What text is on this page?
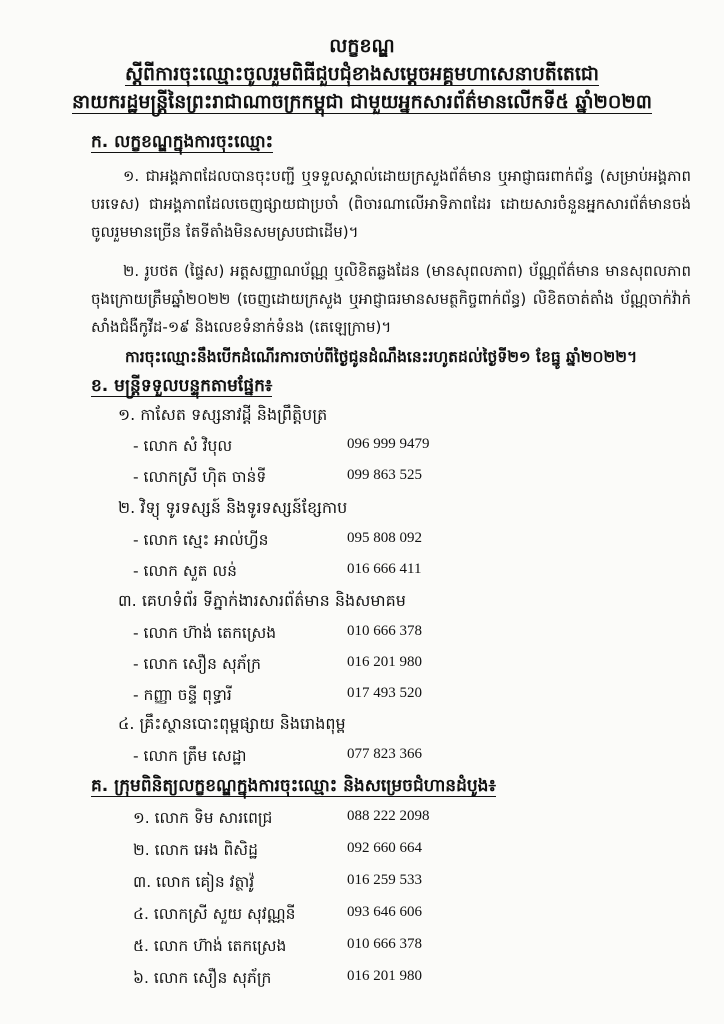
លក្ខខណ្ឌ
ស្តីពីការចុះឈ្មោះចូលរួមពិធីជួបជុំខាងសម្ដេចអគ្គមហាសេនាបតីតេជោ
នាយករដ្ឋមន្ត្រីនៃព្រះរាជាណាចក្រកម្ពុជា ជាមួយអ្នកសារព័ត៌មានលើកទី៥ ឆ្នាំ២០២៣
ក. លក្ខខណ្ឌក្នុងការចុះឈ្មោះ
១. ជាអង្គភាពដែលបានចុះបញ្ជី ឬទទួលស្គាល់ដោយក្រសួងព័ត៌មាន ឬអាជ្ញាធរពាក់ព័ន្ធ (សម្រាប់អង្គភាពបរទេស) ជាអង្គភាពដែលចេញផ្សាយជាប្រចាំ (ពិចារណាលើអាទិភាពដែរ ដោយសារចំនួនអ្នកសារព័ត៌មានចង់ចូលរួមមានច្រើន តែទីតាំងមិនសមស្របជាដើម)។
២. រូបថត (ផ្ទៃស) អត្តសញ្ញាណប័ណ្ណ ឬលិខិតឆ្លងដែន (មានសុពលភាព) ប័ណ្ណព័ត៌មាន មានសុពលភាពចុងក្រោយត្រឹមឆ្នាំ២០២២ (ចេញដោយក្រសួង ឬអាជ្ញាធរមានសមត្ថកិច្ចពាក់ព័ន្ធ) លិខិតចាត់តាំង ប័ណ្ណចាក់វ៉ាក់សាំងជំងឺកូវីដ-១៩ និងលេខទំនាក់ទំនង (តេឡេក្រាម)។
ការចុះឈ្មោះនឹងបើកដំណើរការចាប់ពីថ្ងៃជូនដំណឹងនេះរហូតដល់ថ្ងៃទី២១ ខែធ្នូ ឆ្នាំ២០២២។
ខ. មន្ត្រីទទួលបន្ទុកតាមផ្នែក៖
១. កាសែត ទស្សនាវដ្ដី និងព្រឹត្តិបត្រ
- លោក សំ វិបុល	096 999 9479
- លោកស្រី ហ៊ិត ចាន់ទី	099 863 525
២. វិទ្យុ ទូរទស្សន៍ និងទូរទស្សន៍ខ្សែកាប
- លោក ស្មេះ អាល់ហ្វីន	095 808 092
- លោក សួត លន់	016 666 411
៣. គេហទំព័រ ទីភ្នាក់ងារសារព័ត៌មាន និងសមាគម
- លោក ហ៊ាង់ តេកស្រេង	010 666 378
- លោក សឿន សុភ័ក្រ	016 201 980
- កញ្ញា ចន្ទី ពុទ្ធារី	017 493 520
៤. គ្រឹះស្ថានបោះពុម្ពផ្សាយ និងរោងពុម្ព
- លោក ត្រឹម សេដ្ឋា	077 823 366
គ. ក្រុមពិនិត្យលក្ខខណ្ឌក្នុងការចុះឈ្មោះ និងសម្រេចជំហានដំបូង៖
១. លោក ទិម សារពេជ្រ	088 222 2098
២. លោក អេង ពិសិដ្ឋ	092 660 664
៣. លោក គៀន វត្ថាវ៉ូ	016 259 533
៤. លោកស្រី សួយ សុវណ្ណនី	093 646 606
៥. លោក ហ៊ាង់ តេកស្រេង	010 666 378
៦. លោក សឿន សុភ័ក្រ	016 201 980
